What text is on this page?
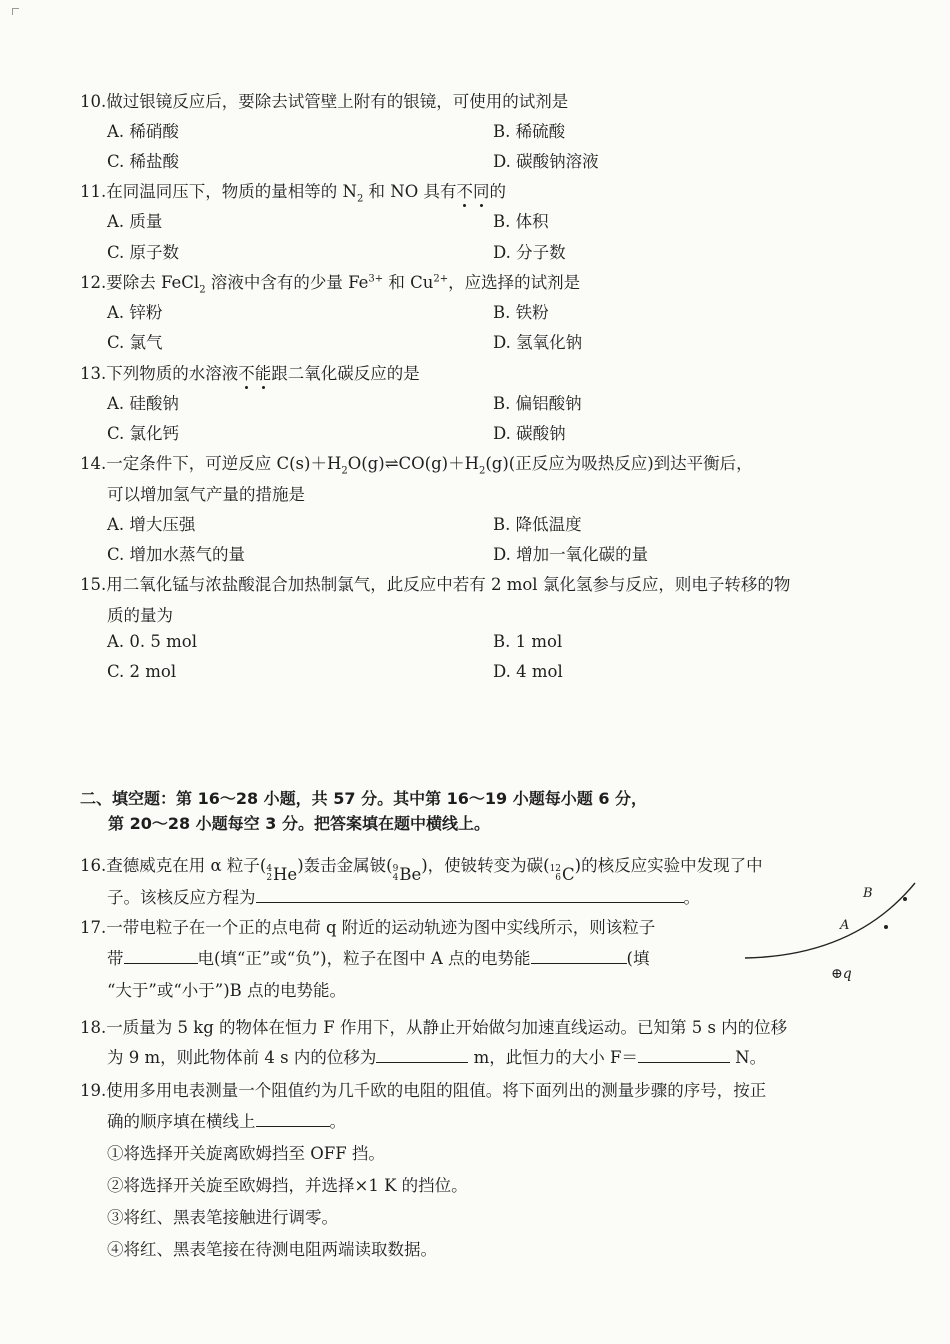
10.做过银镜反应后，要除去试管壁上附有的银镜，可使用的试剂是
A. 稀硝酸	B. 稀硫酸
C. 稀盐酸	D. 碳酸钠溶液
11.在同温同压下，物质的量相等的 $N_2$ 和 NO 具有不同的
A. 质量	B. 体积
C. 原子数	D. 分子数
12.要除去 FeCl$_2$ 溶液中含有的少量 $Fe^{3+}$ 和 $Cu^{2+}$，应选择的试剂是
A. 锌粉	B. 铁粉
C. 氯气	D. 氢氧化钠
13.下列物质的水溶液不能跟二氧化碳反应的是
A. 硅酸钠	B. 偏铝酸钠
C. 氯化钙	D. 碳酸钠
14.一定条件下，可逆反应 $C(s)+H_2O(g)\rightleftharpoons CO(g)+H_2(g)$(正反应为吸热反应)到达平衡后，
可以增加氢气产量的措施是
A. 增大压强	B. 降低温度
C. 增加水蒸气的量	D. 增加一氧化碳的量
15.用二氧化锰与浓盐酸混合加热制氯气，此反应中若有 2 mol 氯化氢参与反应，则电子转移的物
质的量为
A. 0. 5 mol	B. 1 mol
C. 2 mol	D. 4 mol
二、填空题：第 16～28 小题，共 57 分。其中第 16～19 小题每小题 6 分，
第 20～28 小题每空 3 分。把答案填在题中横线上。
16.查德威克在用 α 粒子( 4
2 He )轰击金属铍( 9
4 Be )，使铍转变为碳( 12
6 C )的核反应实验中发现了中
子。该核反应方程为	。
17.一带电粒子在一个正的点电荷 q 附近的运动轨迹为图中实线所示，则该粒子
带	电(填“正”或“负”)，粒子在图中 A 点的电势能	(填
“大于”或“小于”)B 点的电势能。
A
B
⊕q
18.一质量为 5 kg 的物体在恒力 F 作用下，从静止开始做匀加速直线运动。已知第 5 s 内的位移
为 9 m，则此物体前 4 s 内的位移为	m，此恒力的大小 F＝	N。
19.使用多用电表测量一个阻值约为几千欧的电阻的阻值。将下面列出的测量步骤的序号，按正
确的顺序填在横线上	。
①将选择开关旋离欧姆挡至 OFF 挡。
②将选择开关旋至欧姆挡，并选择×1 K 的挡位。
③将红、黑表笔接触进行调零。
④将红、黑表笔接在待测电阻两端读取数据。
